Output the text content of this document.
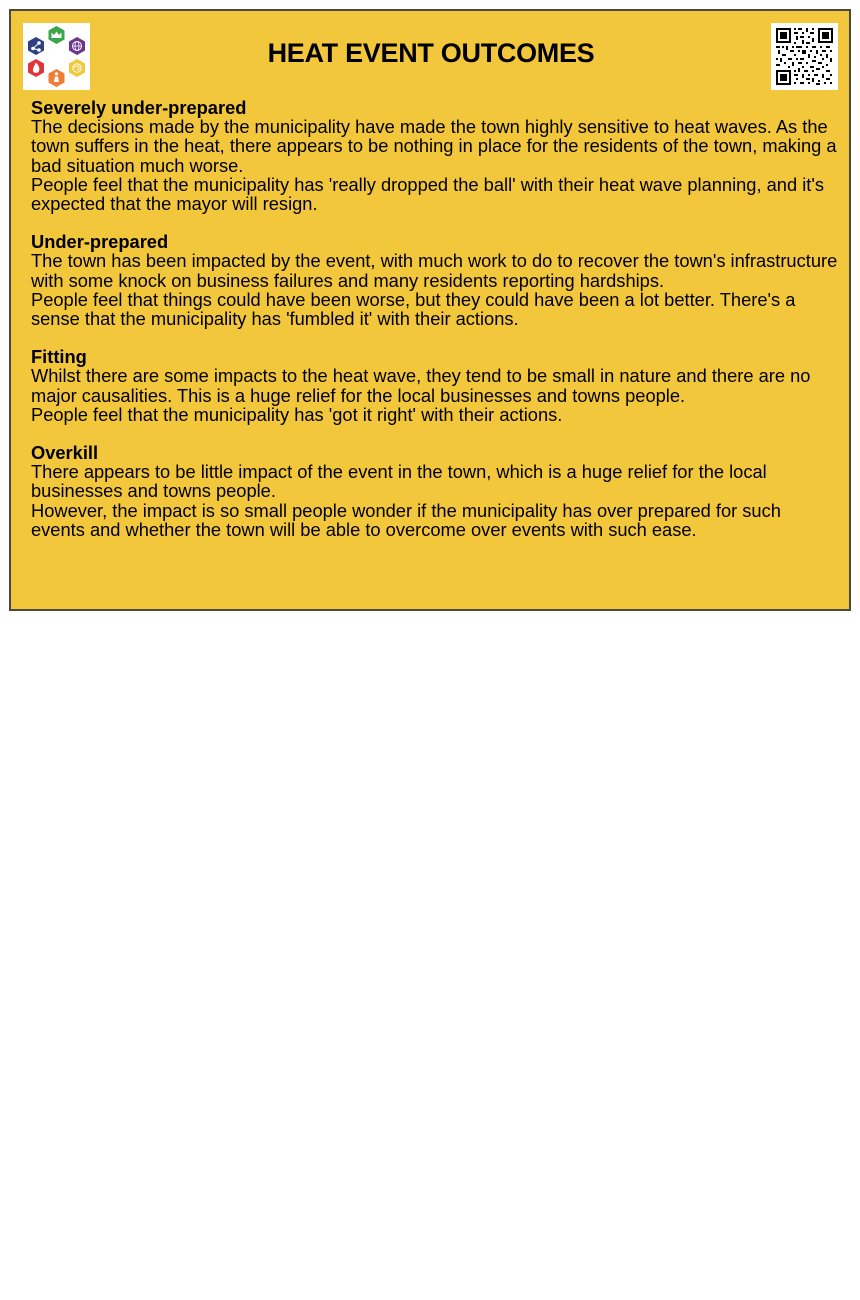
HEAT EVENT OUTCOMES
Severely under-prepared

The decisions made by the municipality have made the town highly sensitive to heat waves. As the town suffers in the heat, there appears to be nothing in place for the residents of the town, making a bad situation much worse.

People feel that the municipality has 'really dropped the ball' with their heat wave planning, and it's expected that the mayor will resign.

Under-prepared

The town has been impacted by the event, with much work to do to recover the town's infrastructure with some knock on business failures and many residents reporting hardships.

People feel that things could have been worse, but they could have been a lot better. There's a sense that the municipality has 'fumbled it' with their actions.

Fitting

Whilst there are some impacts to the heat wave, they tend to be small in nature and there are no major causalities. This is a huge relief for the local businesses and towns people.

People feel that the municipality has 'got it right' with their actions.

Overkill

There appears to be little impact of the event in the town, which is a huge relief for the local businesses and towns people.

However, the impact is so small people wonder if the municipality has over prepared for such events and whether the town will be able to overcome over events with such ease.
